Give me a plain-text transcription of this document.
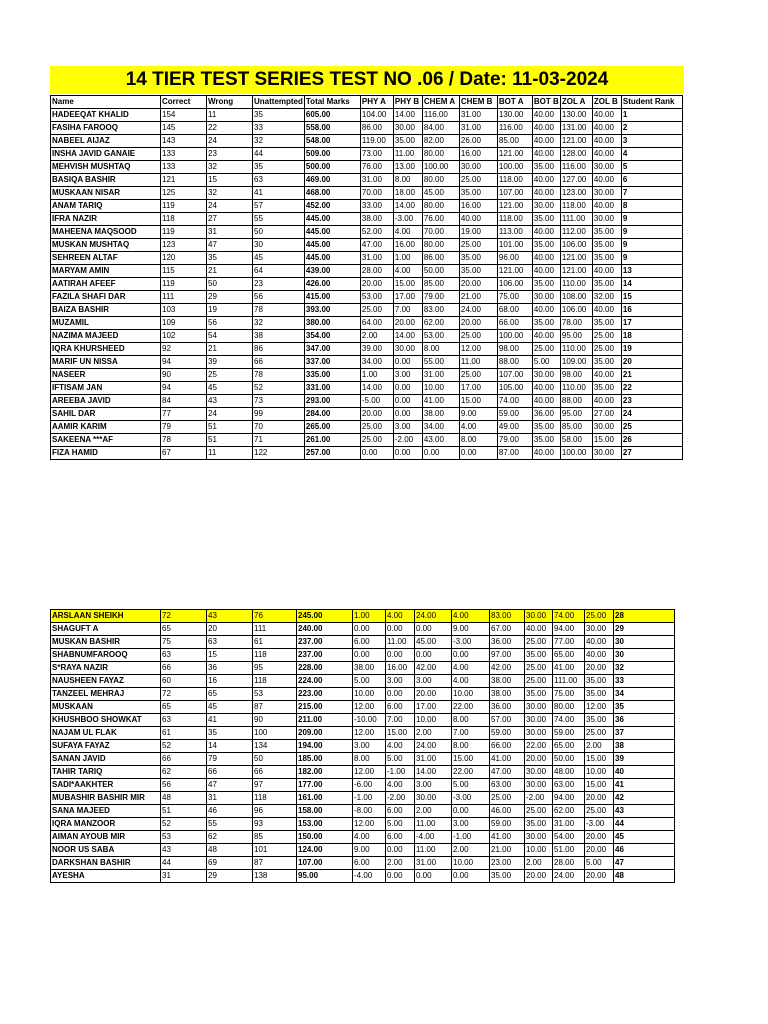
14 TIER TEST SERIES TEST NO .06 / Date: 11-03-2024
Name	Correct	Wrong	Unattempted	Total Marks	PHY A	PHY B	CHEM A	CHEM B	BOT A	BOT B	ZOL A	ZOL B	Student Rank
HADEEQAT KHALID	154	11	35	605.00	104.00	14.00	116.00	31.00	130.00	40.00	130.00	40.00	1
FASIHA FAROOQ	145	22	33	558.00	86.00	30.00	84.00	31.00	116.00	40.00	131.00	40.00	2
NABEEL AIJAZ	143	24	32	548.00	119.00	35.00	82.00	26.00	85.00	40.00	121.00	40.00	3
INSHA JAVID GANAIE	133	23	44	509.00	73.00	11.00	80.00	16.00	121.00	40.00	128.00	40.00	4
MEHVISH MUSHTAQ	133	32	35	500.00	76.00	13.00	100.00	30.00	100.00	35.00	116.00	30.00	5
BASIQA BASHIR	121	15	63	469.00	31.00	8.00	80.00	25.00	118.00	40.00	127.00	40.00	6
MUSKAAN NISAR	125	32	41	468.00	70.00	18.00	45.00	35.00	107.00	40.00	123.00	30.00	7
ANAM TARIQ	119	24	57	452.00	33.00	14.00	80.00	16.00	121.00	30.00	118.00	40.00	8
IFRA NAZIR	118	27	55	445.00	38.00	-3.00	76.00	40.00	118.00	35.00	111.00	30.00	9
MAHEENA MAQSOOD	119	31	50	445.00	52.00	4.00	70.00	19.00	113.00	40.00	112.00	35.00	9
MUSKAN MUSHTAQ	123	47	30	445.00	47.00	16.00	80.00	25.00	101.00	35.00	106.00	35.00	9
SEHREEN ALTAF	120	35	45	445.00	31.00	1.00	86.00	35.00	96.00	40.00	121.00	35.00	9
MARYAM AMIN	115	21	64	439.00	28.00	4.00	50.00	35.00	121.00	40.00	121.00	40.00	13
AATIRAH AFEEF	119	50	23	426.00	20.00	15.00	85.00	20.00	106.00	35.00	110.00	35.00	14
FAZILA SHAFI DAR	111	29	56	415.00	53.00	17.00	79.00	21.00	75.00	30.00	108.00	32.00	15
BAIZA BASHIR	103	19	78	393.00	25.00	7.00	83.00	24.00	68.00	40.00	106.00	40.00	16
MUZAMIL	109	56	32	380.00	64.00	20.00	62.00	20.00	66.00	35.00	78.00	35.00	17
NAZIMA MAJEED	102	54	38	354.00	2.00	14.00	53.00	25.00	100.00	40.00	95.00	25.00	18
IQRA KHURSHEED	92	21	86	347.00	39.00	30.00	8.00	12.00	98.00	25.00	110.00	25.00	19
MARIF UN NISSA	94	39	66	337.00	34.00	0.00	55.00	11.00	88.00	5.00	109.00	35.00	20
NASEER	90	25	78	335.00	1.00	3.00	31.00	25.00	107.00	30.00	98.00	40.00	21
IFTISAM JAN	94	45	52	331.00	14.00	0.00	10.00	17.00	105.00	40.00	110.00	35.00	22
AREEBA JAVID	84	43	73	293.00	-5.00	0.00	41.00	15.00	74.00	40.00	88.00	40.00	23
SAHIL DAR	77	24	99	284.00	20.00	0.00	38.00	9.00	59.00	36.00	95.00	27.00	24
AAMIR KARIM	79	51	70	265.00	25.00	3.00	34.00	4.00	49.00	35.00	85.00	30.00	25
SAKEENA ***AF	78	51	71	261.00	25.00	-2.00	43.00	8.00	79.00	35.00	58.00	15.00	26
FIZA HAMID	67	11	122	257.00	0.00	0.00	0.00	0.00	87.00	40.00	100.00	30.00	27
ARSLAAN SHEIKH	72	43	76	245.00	1.00	4.00	24.00	4.00	83.00	30.00	74.00	25.00	28
SHAGUFT A	65	20	111	240.00	0.00	0.00	0.00	9.00	67.00	40.00	94.00	30.00	29
MUSKAN BASHIR	75	63	61	237.00	6.00	11.00	45.00	-3.00	36.00	25.00	77.00	40.00	30
SHABNUMFAROOQ	63	15	118	237.00	0.00	0.00	0.00	0.00	97.00	35.00	65.00	40.00	30
S*RAYA NAZIR	66	36	95	228.00	38.00	16.00	42.00	4.00	42.00	25.00	41.00	20.00	32
NAUSHEEN FAYAZ	60	16	118	224.00	5.00	3.00	3.00	4.00	38.00	25.00	111.00	35.00	33
TANZEEL MEHRAJ	72	65	53	223.00	10.00	0.00	20.00	10.00	38.00	35.00	75.00	35.00	34
MUSKAAN	65	45	87	215.00	12.00	6.00	17.00	22.00	36.00	30.00	80.00	12.00	35
KHUSHBOO SHOWKAT	63	41	90	211.00	-10.00	7.00	10.00	8.00	57.00	30.00	74.00	35.00	36
NAJAM UL FLAK	61	35	100	209.00	12.00	15.00	2.00	7.00	59.00	30.00	59.00	25.00	37
SUFAYA FAYAZ	52	14	134	194.00	3.00	4.00	24.00	8.00	66.00	22.00	65.00	2.00	38
SANAN JAVID	66	79	50	185.00	8.00	5.00	31.00	15.00	41.00	20.00	50.00	15.00	39
TAHIR TARIQ	62	66	66	182.00	12.00	-1.00	14.00	22.00	47.00	30.00	48.00	10.00	40
SADI*AAKHTER	56	47	97	177.00	-6.00	4.00	3.00	5.00	63.00	30.00	63.00	15.00	41
MUBASHIR BASHIR MIR	48	31	118	161.00	-1.00	-2.00	30.00	-3.00	25.00	-2.00	94.00	20.00	42
SANA MAJEED	51	46	96	158.00	-8.00	6.00	2.00	0.00	46.00	25.00	62.00	25.00	43
IQRA MANZOOR	52	55	93	153.00	12.00	5.00	11.00	3.00	59.00	35.00	31.00	-3.00	44
AIMAN AYOUB MIR	53	62	85	150.00	4.00	6.00	-4.00	-1.00	41.00	30.00	54.00	20.00	45
NOOR US SABA	43	48	101	124.00	9.00	0.00	11.00	2.00	21.00	10.00	51.00	20.00	46
DARKSHAN BASHIR	44	69	87	107.00	6.00	2.00	31.00	10.00	23.00	2.00	28.00	5.00	47
AYESHA	31	29	138	95.00	-4.00	0.00	0.00	0.00	35.00	20.00	24.00	20.00	48
